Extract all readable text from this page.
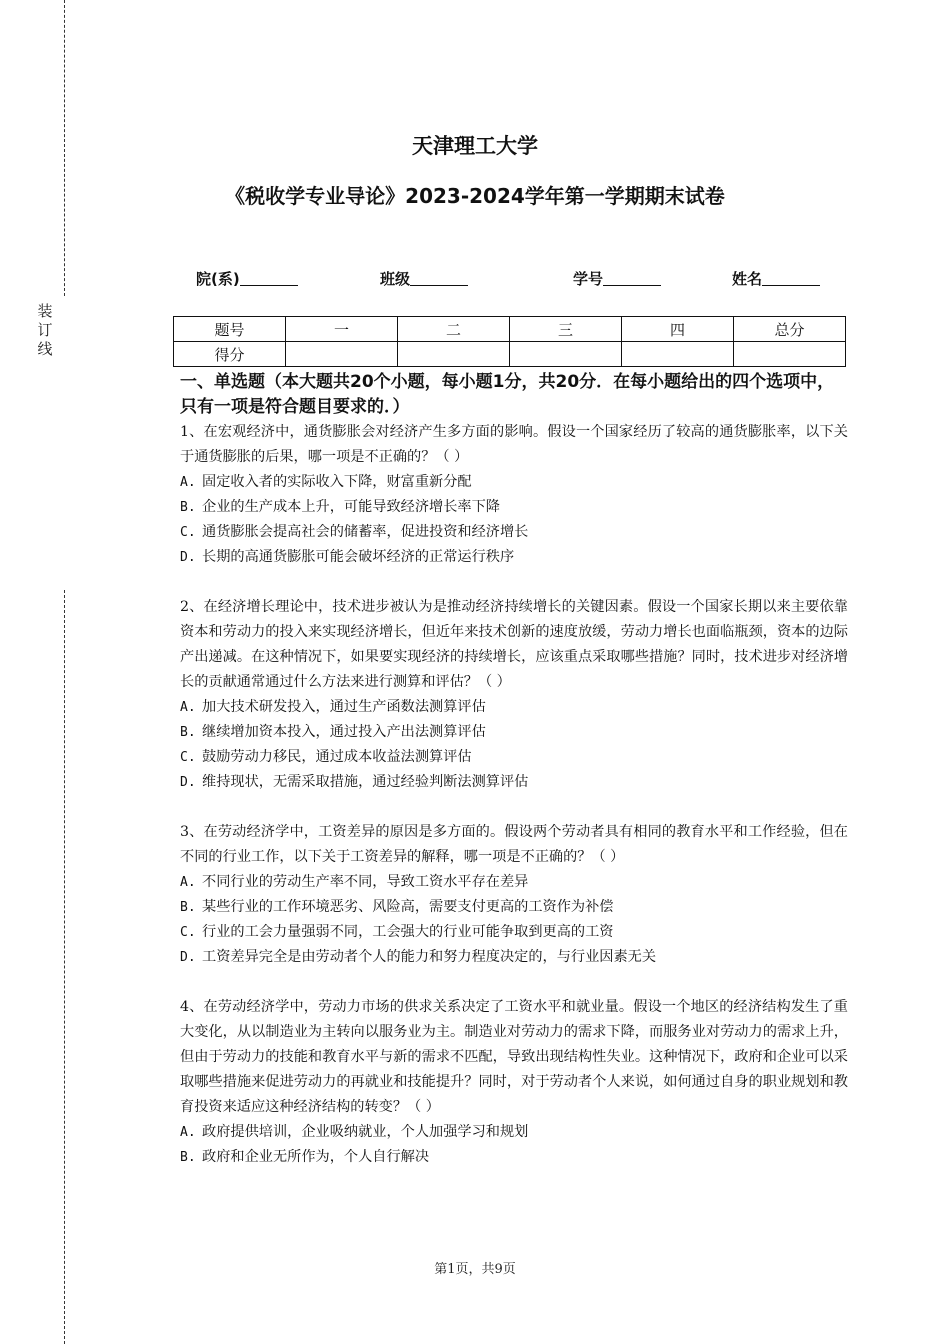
装
订
线
天津理工大学
《税收学专业导论》2023-2024学年第一学期期末试卷
院(系)	班级	学号	姓名
题号	一	二	三	四	总分
得分					

一、单选题（本大题共20个小题，每小题1分，共20分．在每小题给出的四个选项中，只有一项是符合题目要求的．）

1、在宏观经济中，通货膨胀会对经济产生多方面的影响。假设一个国家经历了较高的通货膨胀率，以下关于通货膨胀的后果，哪一项是不正确的？（ ）

A. 固定收入者的实际收入下降，财富重新分配

B. 企业的生产成本上升，可能导致经济增长率下降

C. 通货膨胀会提高社会的储蓄率，促进投资和经济增长

D. 长期的高通货膨胀可能会破坏经济的正常运行秩序

2、在经济增长理论中，技术进步被认为是推动经济持续增长的关键因素。假设一个国家长期以来主要依靠资本和劳动力的投入来实现经济增长，但近年来技术创新的速度放缓，劳动力增长也面临瓶颈，资本的边际产出递减。在这种情况下，如果要实现经济的持续增长，应该重点采取哪些措施？同时，技术进步对经济增长的贡献通常通过什么方法来进行测算和评估？（ ）

A. 加大技术研发投入，通过生产函数法测算评估

B. 继续增加资本投入，通过投入产出法测算评估

C. 鼓励劳动力移民，通过成本收益法测算评估

D. 维持现状，无需采取措施，通过经验判断法测算评估

3、在劳动经济学中，工资差异的原因是多方面的。假设两个劳动者具有相同的教育水平和工作经验，但在不同的行业工作，以下关于工资差异的解释，哪一项是不正确的？（ ）

A. 不同行业的劳动生产率不同，导致工资水平存在差异

B. 某些行业的工作环境恶劣、风险高，需要支付更高的工资作为补偿

C. 行业的工会力量强弱不同，工会强大的行业可能争取到更高的工资

D. 工资差异完全是由劳动者个人的能力和努力程度决定的，与行业因素无关

4、在劳动经济学中，劳动力市场的供求关系决定了工资水平和就业量。假设一个地区的经济结构发生了重大变化，从以制造业为主转向以服务业为主。制造业对劳动力的需求下降，而服务业对劳动力的需求上升，但由于劳动力的技能和教育水平与新的需求不匹配，导致出现结构性失业。这种情况下，政府和企业可以采取哪些措施来促进劳动力的再就业和技能提升？同时，对于劳动者个人来说，如何通过自身的职业规划和教育投资来适应这种经济结构的转变？（ ）

A. 政府提供培训，企业吸纳就业，个人加强学习和规划

B. 政府和企业无所作为，个人自行解决

第1页，共9页
